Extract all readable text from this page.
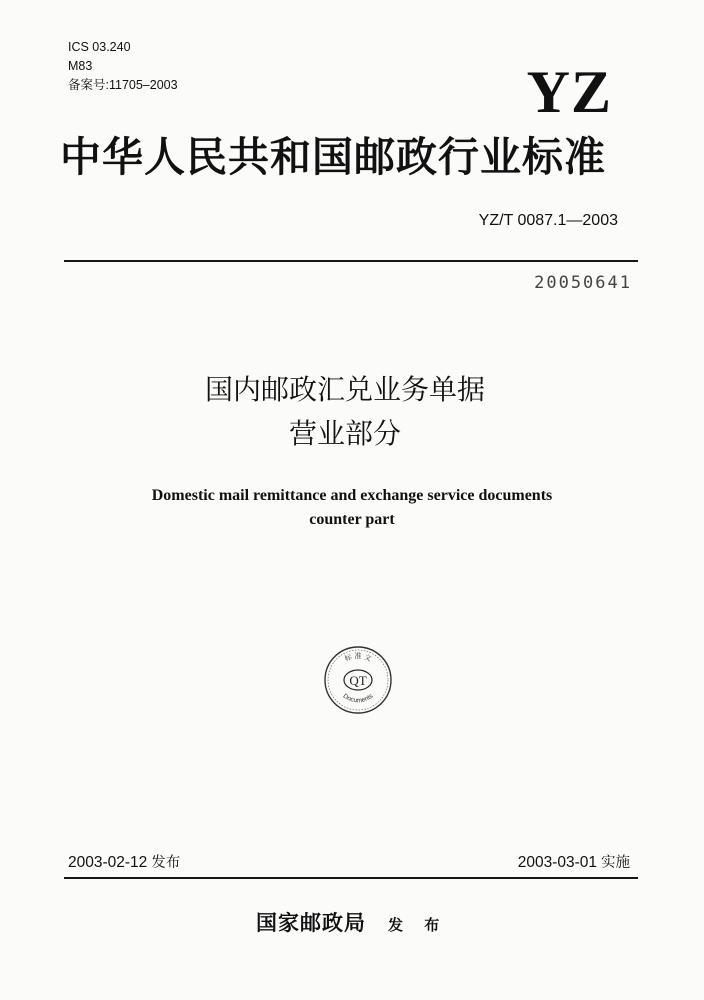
ICS 03.240
M83
备案号:11705–2003	YZ
中华人民共和国邮政行业标准
YZ/T 0087.1—2003
20050641
国内邮政汇兑业务单据
营业部分
Domestic mail remittance and exchange service documents
counter part
QT
标 准 文
Documents
2003-02-12 发布	2003-03-01 实施
国家邮政局 发 布
